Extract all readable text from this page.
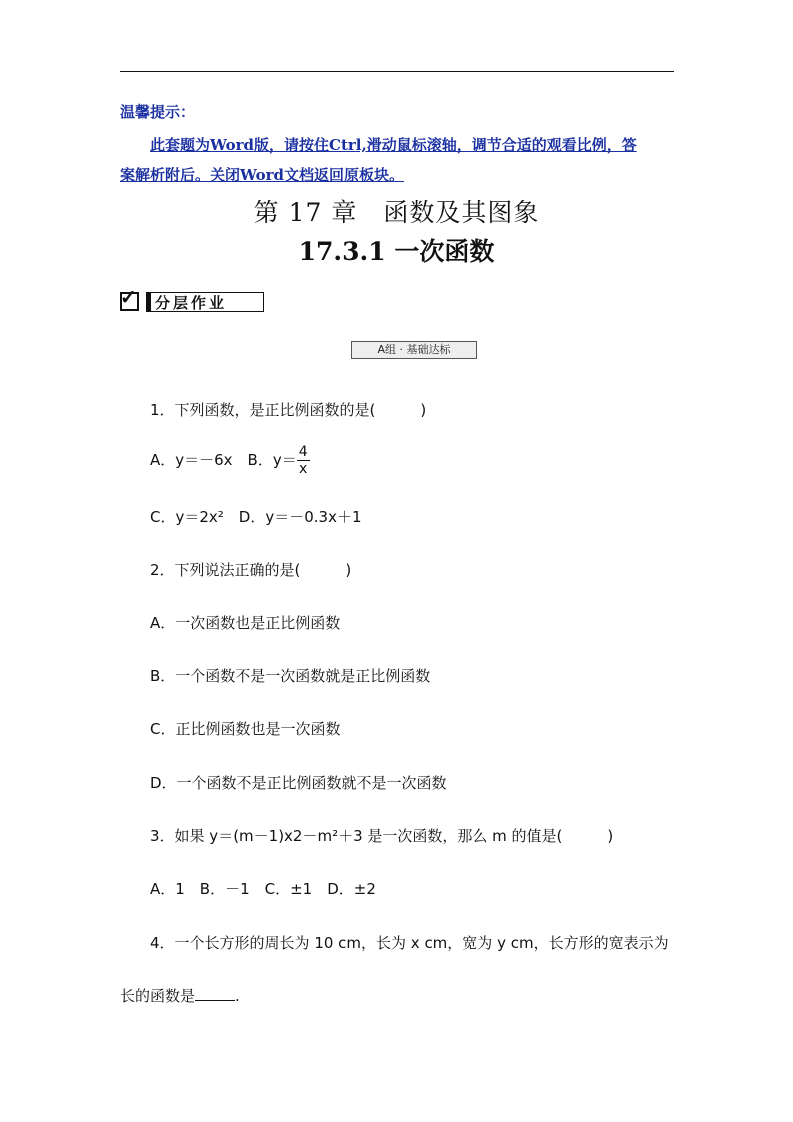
温馨提示：
此套题为Word版，请按住Ctrl,滑动鼠标滚轴，调节合适的观看比例，答
案解析附后。关闭Word文档返回原板块。
第 17 章　函数及其图象
17.3.1 一次函数
✓	分层作业
A组 · 基础达标
1．下列函数，是正比例函数的是(　　　)
A．y＝－6x　B．$y= \frac{4}{x}$
C．y＝2x²　D．y＝－0.3x＋1
2．下列说法正确的是(　　　)
A．一次函数也是正比例函数
B．一个函数不是一次函数就是正比例函数
C．正比例函数也是一次函数
D．一个函数不是正比例函数就不是一次函数
3．如果 y＝(m－1)x2－m²＋3 是一次函数，那么 m 的值是(　　　)
A．1　B．－1　C．±1　D．±2
4．一个长方形的周长为 10 cm，长为 x cm，宽为 y cm，长方形的宽表示为
长的函数是	.
